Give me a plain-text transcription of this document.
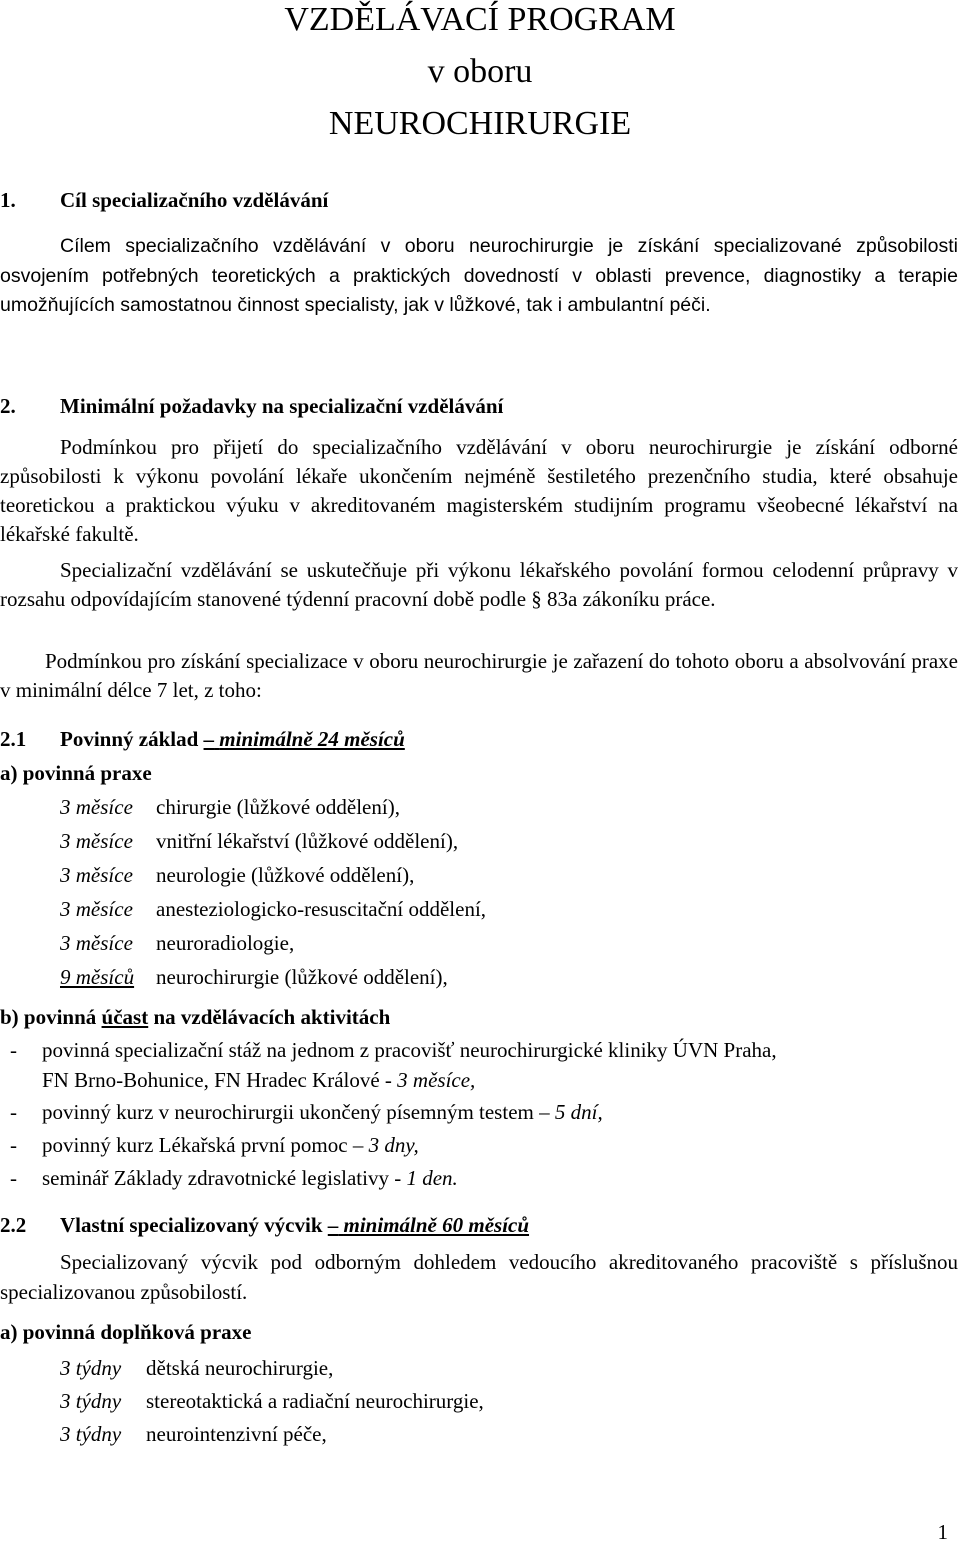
VZDĚLÁVACÍ PROGRAM
v oboru
NEUROCHIRURGIE
1. Cíl specializačního vzdělávání

Cílem specializačního vzdělávání v oboru neurochirurgie je získání specializované způsobilosti osvojením potřebných teoretických a praktických dovedností v oblasti prevence, diagnostiky a terapie umožňujících samostatnou činnost specialisty, jak v lůžkové, tak i ambulantní péči.

2. Minimální požadavky na specializační vzdělávání

Podmínkou pro přijetí do specializačního vzdělávání v oboru neurochirurgie je získání odborné způsobilosti k výkonu povolání lékaře ukončením nejméně šestiletého prezenčního studia, které obsahuje teoretickou a praktickou výuku v akreditovaném magisterském studijním programu všeobecné lékařství na lékařské fakultě.

Specializační vzdělávání se uskutečňuje při výkonu lékařského povolání formou celodenní průpravy v rozsahu odpovídajícím stanovené týdenní pracovní době podle § 83a zákoníku práce.

Podmínkou pro získání specializace v oboru neurochirurgie je zařazení do tohoto oboru a absolvování praxe v minimální délce 7 let, z toho:

2.1 Povinný základ – minimálně 24 měsíců
a) povinná praxe
3 měsíce chirurgie (lůžkové oddělení),
3 měsíce vnitřní lékařství (lůžkové oddělení),
3 měsíce neurologie (lůžkové oddělení),
3 měsíce anesteziologicko-resuscitační oddělení,
3 měsíce neuroradiologie,
9 měsíců neurochirurgie (lůžkové oddělení),
b) povinná účast na vzdělávacích aktivitách
- povinná specializační stáž na jednom z pracovišť neurochirurgické kliniky ÚVN Praha,
FN Brno-Bohunice, FN Hradec Králové - 3 měsíce,
- povinný kurz v neurochirurgii ukončený písemným testem – 5 dní,
- povinný kurz Lékařská první pomoc – 3 dny,
- seminář Základy zdravotnické legislativy - 1 den.
2.2 Vlastní specializovaný výcvik – minimálně 60 měsíců

Specializovaný výcvik pod odborným dohledem vedoucího akreditovaného pracoviště s příslušnou specializovanou způsobilostí.

a) povinná doplňková praxe
3 týdny dětská neurochirurgie,
3 týdny stereotaktická a radiační neurochirurgie,
3 týdny neurointenzivní péče,
1
